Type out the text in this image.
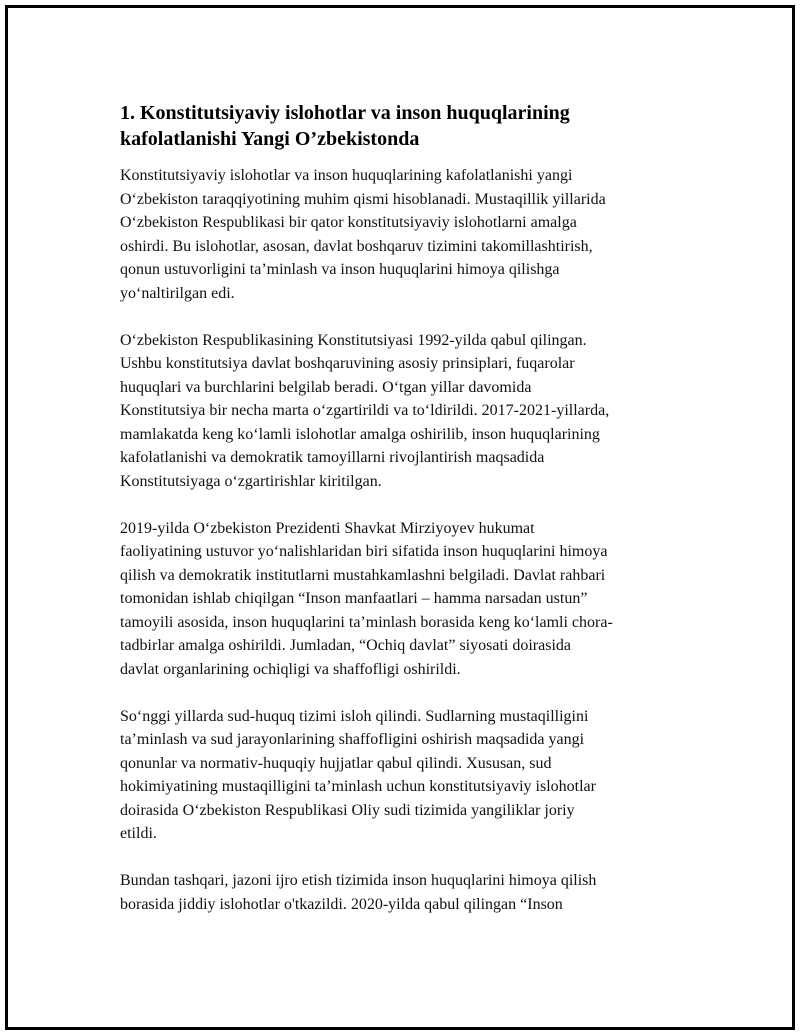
1. Konstitutsiyaviy islohotlar va inson huquqlarining kafolatlanishi Yangi O’zbekistonda

Konstitutsiyaviy islohotlar va inson huquqlarining kafolatlanishi yangi
O‘zbekiston taraqqiyotining muhim qismi hisoblanadi. Mustaqillik yillarida
O‘zbekiston Respublikasi bir qator konstitutsiyaviy islohotlarni amalga
oshirdi. Bu islohotlar, asosan, davlat boshqaruv tizimini takomillashtirish,
qonun ustuvorligini ta’minlash va inson huquqlarini himoya qilishga
yo‘naltirilgan edi.

O‘zbekiston Respublikasining Konstitutsiyasi 1992-yilda qabul qilingan.
Ushbu konstitutsiya davlat boshqaruvining asosiy prinsiplari, fuqarolar
huquqlari va burchlarini belgilab beradi. O‘tgan yillar davomida
Konstitutsiya bir necha marta o‘zgartirildi va to‘ldirildi. 2017-2021-yillarda,
mamlakatda keng ko‘lamli islohotlar amalga oshirilib, inson huquqlarining
kafolatlanishi va demokratik tamoyillarni rivojlantirish maqsadida
Konstitutsiyaga o‘zgartirishlar kiritilgan.

2019-yilda O‘zbekiston Prezidenti Shavkat Mirziyoyev hukumat
faoliyatining ustuvor yo‘nalishlaridan biri sifatida inson huquqlarini himoya
qilish va demokratik institutlarni mustahkamlashni belgiladi. Davlat rahbari
tomonidan ishlab chiqilgan “Inson manfaatlari – hamma narsadan ustun”
tamoyili asosida, inson huquqlarini ta’minlash borasida keng ko‘lamli chora-
tadbirlar amalga oshirildi. Jumladan, “Ochiq davlat” siyosati doirasida
davlat organlarining ochiqligi va shaffofligi oshirildi.

So‘nggi yillarda sud-huquq tizimi isloh qilindi. Sudlarning mustaqilligini
ta’minlash va sud jarayonlarining shaffofligini oshirish maqsadida yangi
qonunlar va normativ-huquqiy hujjatlar qabul qilindi. Xususan, sud
hokimiyatining mustaqilligini ta’minlash uchun konstitutsiyaviy islohotlar
doirasida O‘zbekiston Respublikasi Oliy sudi tizimida yangiliklar joriy
etildi.

Bundan tashqari, jazoni ijro etish tizimida inson huquqlarini himoya qilish
borasida jiddiy islohotlar o'tkazildi. 2020-yilda qabul qilingan “Inson
